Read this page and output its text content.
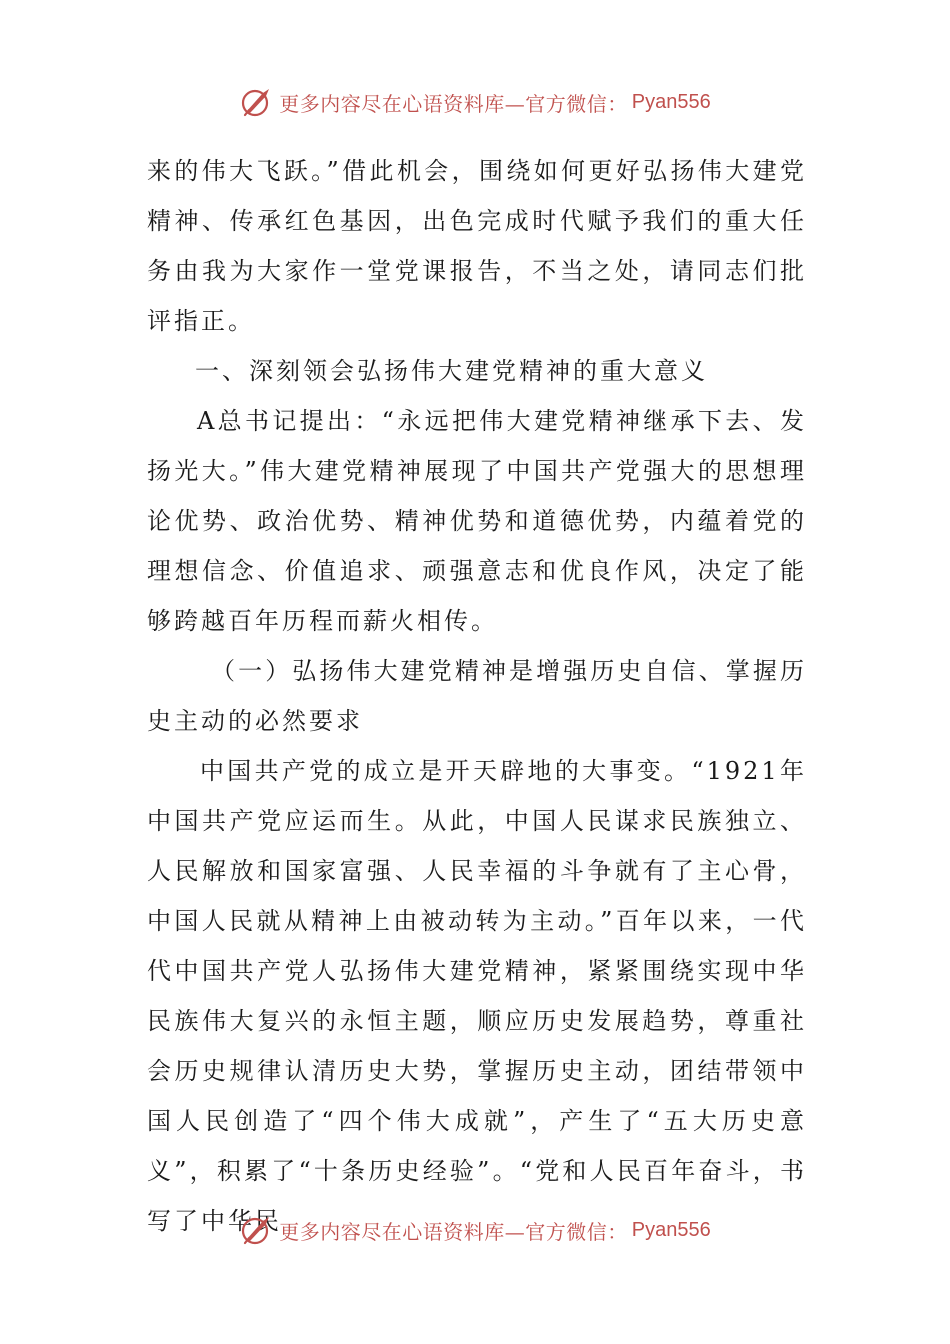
更多内容尽在心语资料库—官方微信： Pyan556

来的伟大飞跃。”借此机会，围绕如何更好弘扬伟大建党精神、传承红色基因，出色完成时代赋予我们的重大任务由我为大家作一堂党课报告，不当之处，请同志们批评指正。

一、深刻领会弘扬伟大建党精神的重大意义

A总书记提出：“永远把伟大建党精神继承下去、发扬光大。”伟大建党精神展现了中国共产党强大的思想理论优势、政治优势、精神优势和道德优势，内蕴着党的理想信念、价值追求、顽强意志和优良作风，决定了能够跨越百年历程而薪火相传。

（一）弘扬伟大建党精神是增强历史自信、掌握历史主动的必然要求

中国共产党的成立是开天辟地的大事变。“1921年中国共产党应运而生。从此，中国人民谋求民族独立、人民解放和国家富强、人民幸福的斗争就有了主心骨，中国人民就从精神上由被动转为主动。”百年以来，一代代中国共产党人弘扬伟大建党精神，紧紧围绕实现中华民族伟大复兴的永恒主题，顺应历史发展趋势，尊重社会历史规律认清历史大势，掌握历史主动，团结带领中国人民创造了“四个伟大成就”，产生了“五大历史意义”，积累了“十条历史经验”。“党和人民百年奋斗，书写了中华民

更多内容尽在心语资料库—官方微信： Pyan556
